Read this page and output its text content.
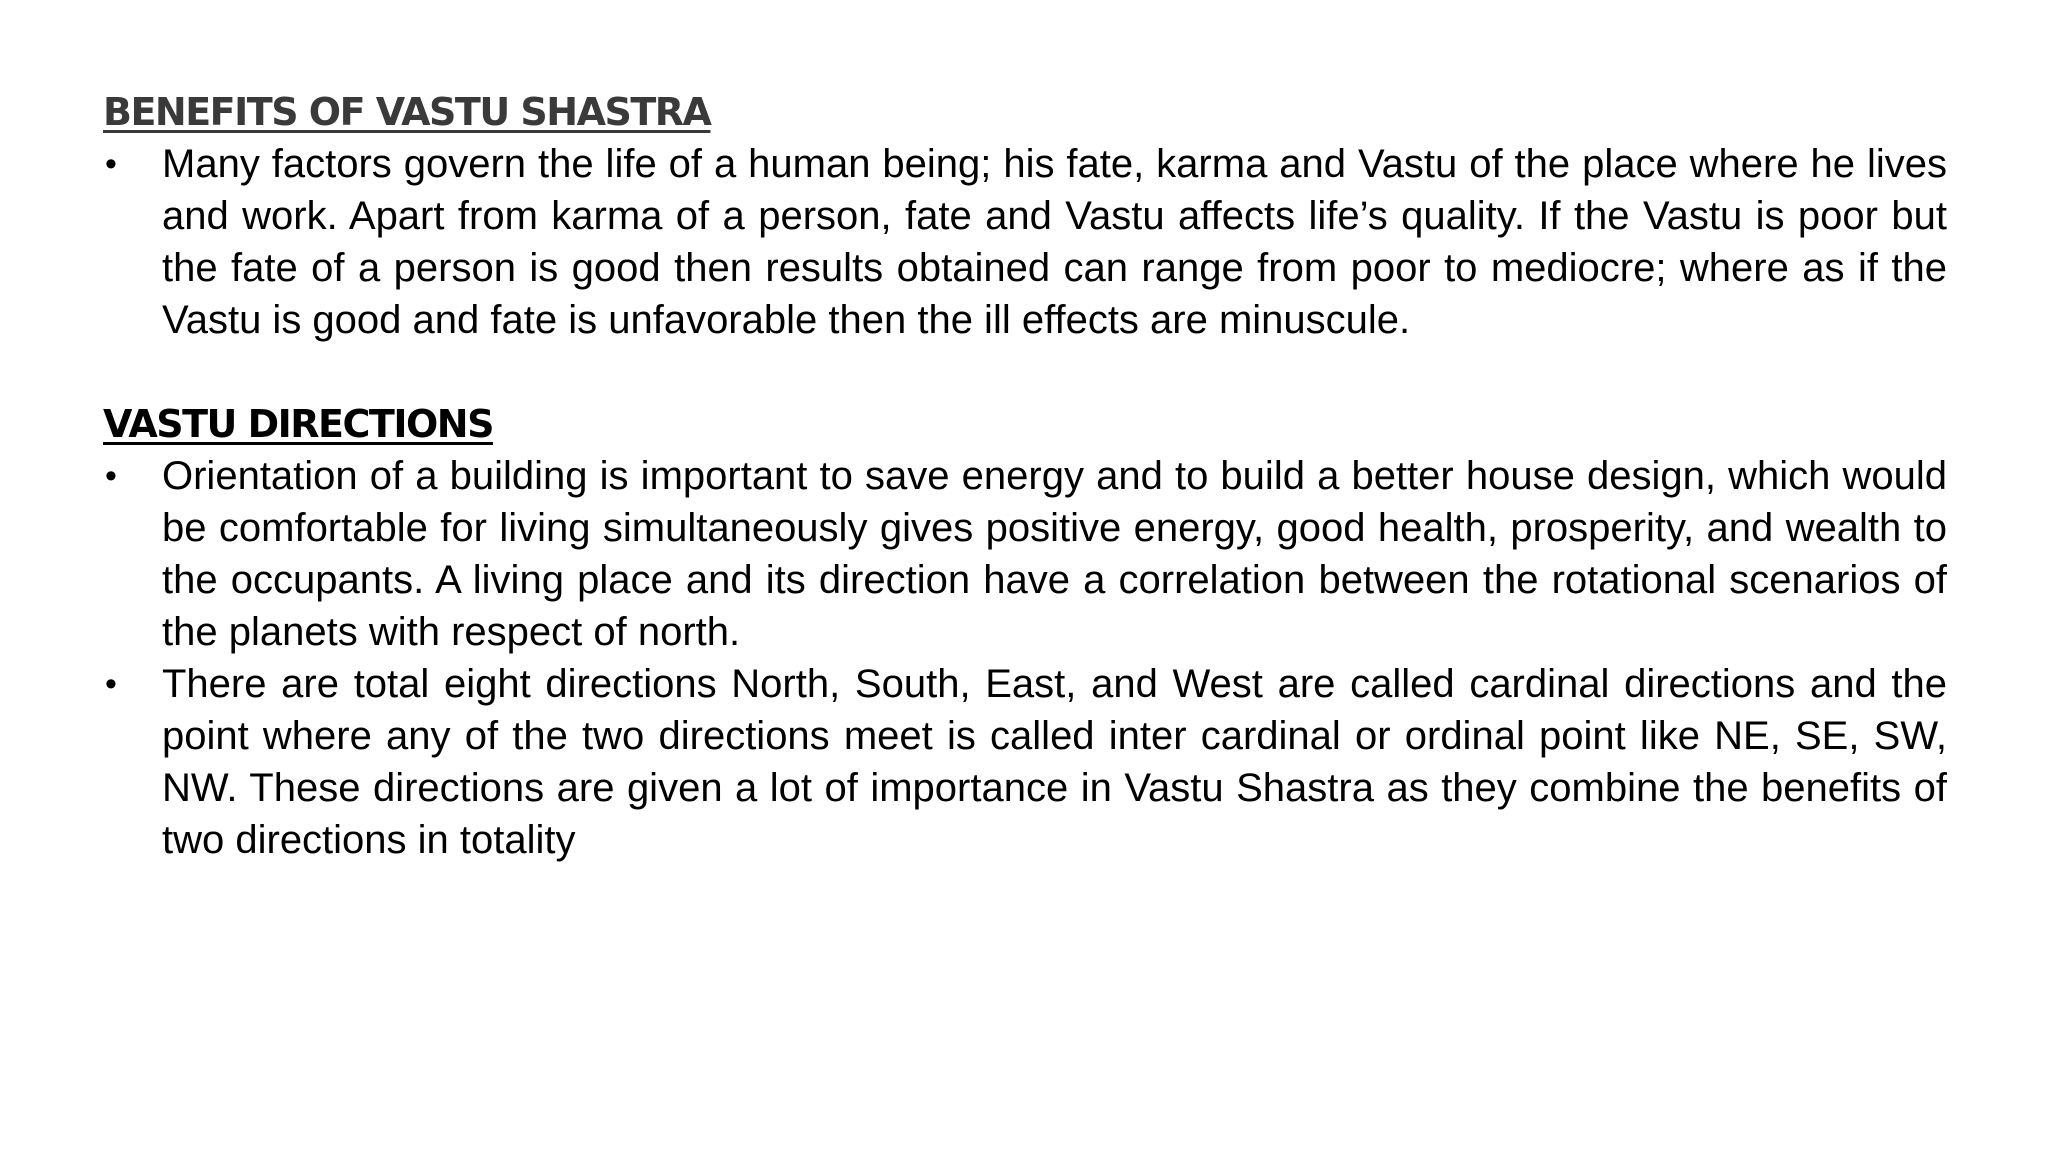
BENEFITS OF VASTU SHASTRA
• Many factors govern the life of a human being; his fate, karma and Vastu of the place where he lives and work. Apart from karma of a person, fate and Vastu affects life’s quality. If the Vastu is poor but the fate of a person is good then results obtained can range from poor to mediocre; where as if the Vastu is good and fate is unfavorable then the ill effects are minuscule.
VASTU DIRECTIONS
• Orientation of a building is important to save energy and to build a better house design, which would be comfortable for living simultaneously gives positive energy, good health, prosperity, and wealth to the occupants. A living place and its direction have a correlation between the rotational scenarios of the planets with respect of north.
• There are total eight directions North, South, East, and West are called cardinal directions and the point where any of the two directions meet is called inter cardinal or ordinal point like NE, SE, SW, NW. These directions are given a lot of importance in Vastu Shastra as they combine the benefits of two directions in totality
